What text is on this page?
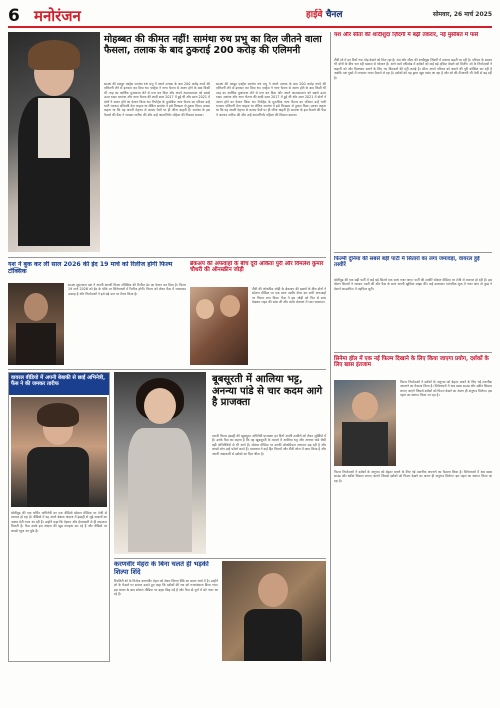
6 मनोरंजन	हाईवे चैनल	सोमवार, 26 मार्च 2025
मोहब्बत की कीमत नहीं! सामंथा रुथ प्रभु का दिल जीतने वाला फैसला, तलाक के बाद ठुकराई 200 करोड़ की एलिमनी
साउथ की मशहूर एक्ट्रेस सामंथा रुथ प्रभु ने अपने तलाक के बाद 200 करोड़ रुपये की एलिमनी लेने से इनकार कर दिया था। एक्ट्रेस ने नागा चैतन्य से अलग होने के बाद किसी भी तरह का आर्थिक मुआवजा लेने से मना कर दिया और अपने आत्मसम्मान को सबसे ऊपर रखा। सामंथा और नागा चैतन्य की शादी साल 2017 में हुई थी और साल 2021 में दोनों ने अलग होने का ऐलान किया था। रिपोर्ट्स के मुताबिक नागा चैतन्य का परिवार उन्हें भारी भरकम एलिमनी देना चाहता था लेकिन सामंथा ने इसे विनम्रता से ठुकरा दिया। उनका कहना था कि वह अपनी मेहनत से कमाए पैसों पर ही जीना चाहती हैं। सामंथा के इस फैसले की फैंस ने जमकर तारीफ की और उन्हें आत्मनिर्भर महिला की मिसाल बताया।
साउथ की मशहूर एक्ट्रेस सामंथा रुथ प्रभु ने अपने तलाक के बाद 200 करोड़ रुपये की एलिमनी लेने से इनकार कर दिया था। एक्ट्रेस ने नागा चैतन्य से अलग होने के बाद किसी भी तरह का आर्थिक मुआवजा लेने से मना कर दिया और अपने आत्मसम्मान को सबसे ऊपर रखा। सामंथा और नागा चैतन्य की शादी साल 2017 में हुई थी और साल 2021 में दोनों ने अलग होने का ऐलान किया था। रिपोर्ट्स के मुताबिक नागा चैतन्य का परिवार उन्हें भारी भरकम एलिमनी देना चाहता था लेकिन सामंथा ने इसे विनम्रता से ठुकरा दिया। उनका कहना था कि वह अपनी मेहनत से कमाए पैसों पर ही जीना चाहती हैं। सामंथा के इस फैसले की फैंस ने जमकर तारीफ की और उन्हें आत्मनिर्भर महिला की मिसाल बताया।
यश और सीता की शादीशुदा ज़िंदगी में बढ़ी तकरार, नई मुसीबत में फंसे
टीवी शो में इन दिनों नया मोड़ देखने को मिल रहा है। यश और सीता की शादीशुदा जिंदगी में तकरार बढ़ती जा रही है। परिवार के सदस्य भी दोनों के बीच चल रही खटास से परेशान हैं। आने वाले एपिसोड में दर्शकों को कई बड़े ट्विस्ट देखने को मिलेंगे। शो के निर्माताओं ने कहानी को और दिलचस्प बनाने के लिए नए किरदारों की एंट्री कराई है। सीता अपने परिवार को बचाने की पूरी कोशिश कर रही है जबकि यश गुस्से में लगातार गलत फैसले ले रहा है। दर्शकों को यह ड्रामा खूब पसंद आ रहा है और शो की टीआरपी भी तेजी से बढ़ रही है।
फिल्मी दुनिया की सबसे बड़ी पार्टी में सितारों का लगा जमावड़ा, वायरल हुईं तस्वीरें
बॉलीवुड की एक बड़ी पार्टी में कई बड़े सितारे एक साथ नजर आए। पार्टी की तस्वीरें सोशल मीडिया पर तेजी से वायरल हो रही हैं। इस दौरान सितारों ने जमकर मस्ती की और फैंस के साथ अपनी खुशियां साझा कीं। कई कलाकार पारंपरिक लुक में नजर आए तो कुछ ने वेस्टर्न आउटफिट में महफिल लूटी।
यश ने बुक कर ली साल 2026 की ईद 19 मार्च को रिलीज होगी फिल्म टॉक्सिक
साउथ सुपरस्टार यश ने अपनी अगली फिल्म टॉक्सिक की रिलीज डेट का ऐलान कर दिया है। फिल्म 19 मार्च 2026 को ईद के मौके पर सिनेमाघरों में रिलीज होगी। फिल्म को लेकर फैंस में जबरदस्त उत्साह है और निर्माताओं ने इसे बड़े स्तर पर तैयार किया है।
ब्रेकअप की अफवाहों के बीच दूरी अंकिता पुरी और विमलेश कुमार चौधरी की ऑनस्क्रीन जोड़ी
टीवी की लोकप्रिय जोड़ी के ब्रेकअप की खबरों के बीच दोनों ने सोशल मीडिया पर एक साथ तस्वीर शेयर कर सभी अफवाहों पर विराम लगा दिया। फैंस ने इस जोड़ी को फिर से साथ देखकर राहत की सांस ली और कमेंट सेक्शन में प्यार बरसाया।
वायरल वीडियो में अपनी बेबाकी से छाईं अभिनेत्री, फैंस ने की जमकर तारीफ
बॉलीवुड की एक चर्चित अभिनेत्री का एक वीडियो सोशल मीडिया पर तेजी से वायरल हो रहा है। वीडियो में वह अपने बेबाक अंदाज में इंडस्ट्री से जुड़े सवालों का जवाब देती नजर आ रही हैं। उन्होंने कहा कि मेहनत और ईमानदारी से ही सफलता मिलती है। फैंस उनके इस अंदाज की खूब सराहना कर रहे हैं और वीडियो पर लाखों व्यूज आ चुके हैं।
बूबसूरती में आलिया भट्ट, अनन्या पांडे से चार कदम आगे है प्राजक्ता
मराठी फिल्म इंडस्ट्री की खूबसूरत अभिनेत्री प्राजक्ता इन दिनों अपनी तस्वीरों को लेकर सुर्खियों में हैं। उनके फैंस का कहना है कि वह खूबसूरती के मामले में आलिया भट्ट और अनन्या पांडे जैसी बड़ी अभिनेत्रियों से भी आगे हैं। सोशल मीडिया पर उनकी लोकप्रियता लगातार बढ़ रही है और लाखों लोग उन्हें फॉलो करते हैं। प्राजक्ता ने कई हिट फिल्मों और टीवी शोज में काम किया है और अपनी अदाकारी से दर्शकों का दिल जीता है।
करणवीर मेहरा के बिना चलते ही भड़कीं शिल्पा शिंदे
रियलिटी शो के विजेता करणवीर मेहरा को लेकर शिल्पा शिंदे का बयान चर्चा में है। उन्होंने शो के फैसले पर सवाल उठाते हुए कहा कि दर्शकों की राय को नजरअंदाज किया गया। इस बयान के बाद सोशल मीडिया पर बहस छिड़ गई है और फैंस दो गुटों में बंटे नजर आ रहे हैं।
सिनेमा हॉल में एक नई फिल्म दिखाने के लिए किया जाएगा प्रयोग, दर्शकों के लिए खास इंतजाम
फिल्म निर्माताओं ने दर्शकों के अनुभव को बेहतर बनाने के लिए नई तकनीक अपनाने का फैसला किया है। सिनेमाघरों में अब खास साउंड और स्क्रीन सिस्टम लगाए जाएंगे जिससे दर्शकों को फिल्म देखने का अलग ही अनुभव मिलेगा। इस पहल का स्वागत किया जा रहा है।
फिल्म निर्माताओं ने दर्शकों के अनुभव को बेहतर बनाने के लिए नई तकनीक अपनाने का फैसला किया है। सिनेमाघरों में अब खास साउंड और स्क्रीन सिस्टम लगाए जाएंगे जिससे दर्शकों को फिल्म देखने का अलग ही अनुभव मिलेगा। इस पहल का स्वागत किया जा रहा है।
